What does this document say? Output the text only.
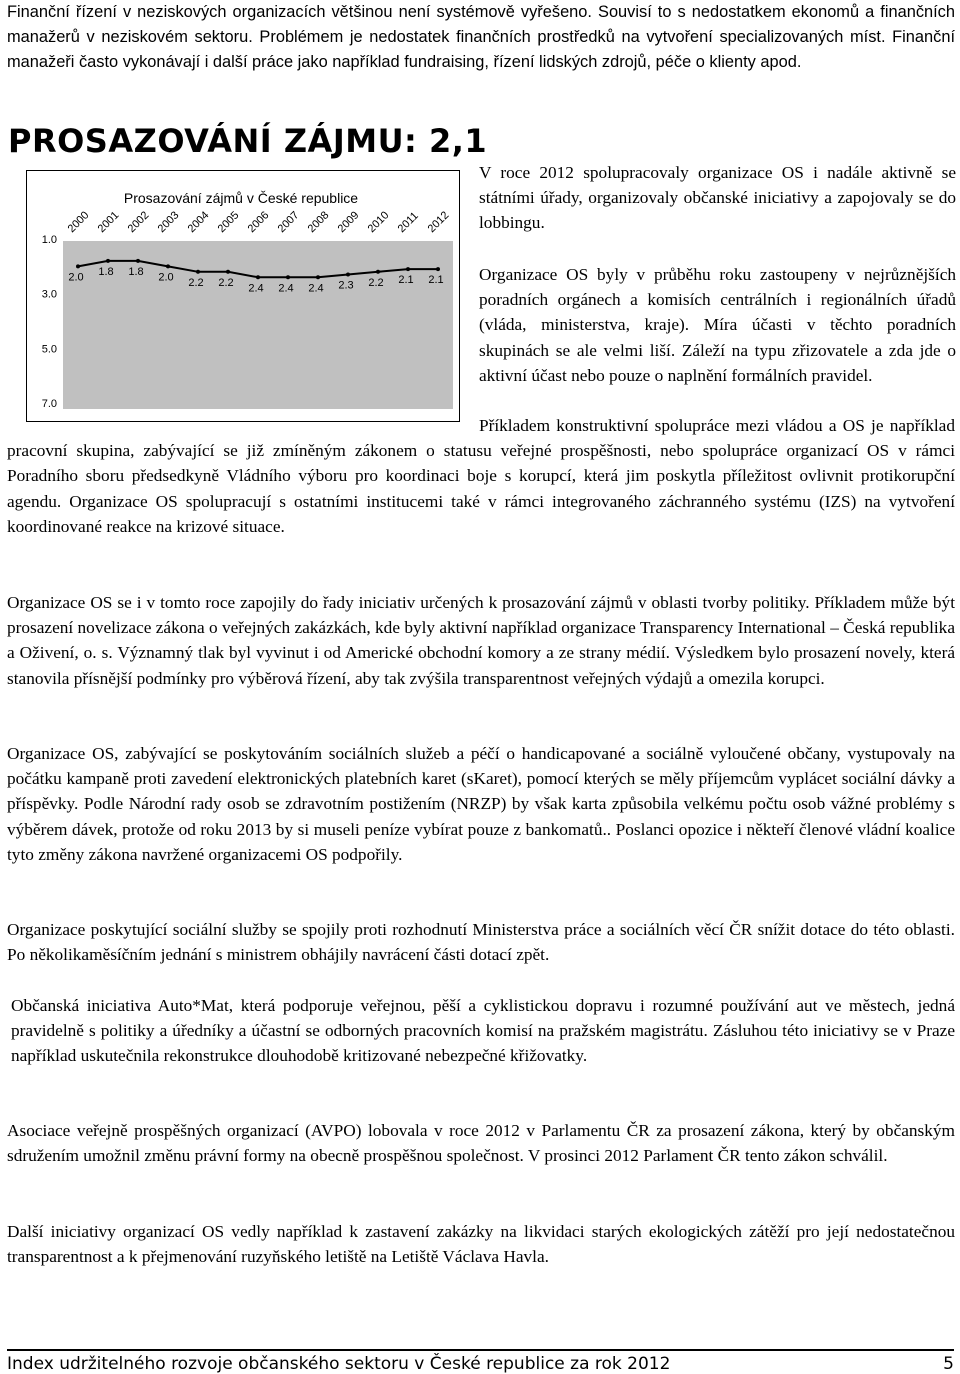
Finanční řízení v neziskových organizacích většinou není systémově vyřešeno. Souvisí to s nedostatkem ekonomů a finančních manažerů v neziskovém sektoru. Problémem je nedostatek finančních prostředků na vytvoření specializovaných míst. Finanční manažeři často vykonávají i další práce jako například fundraising, řízení lidských zdrojů, péče o klienty apod.

PROSAZOVÁNÍ ZÁJMU: 2,1
Prosazování zájmů v České republice
2000 2001 2002 2003 2004 2005 2006 2007 2008 2009 2010 2011 2012
1.0
3.0
5.0
7.0
2.0 1.8 1.8 2.0 2.2 2.2 2.4 2.4 2.4 2.3 2.2 2.1 2.1

V roce 2012 spolupracovaly organizace OS i nadále aktivně se státními úřady, organizovaly občanské iniciativy a zapojovaly se do lobbingu.

Organizace OS byly v průběhu roku zastoupeny v nejrůznějších poradních orgánech a komisích centrálních i regionálních úřadů (vláda, ministerstva, kraje). Míra účasti v těchto poradních skupinách se ale velmi liší. Záleží na typu zřizovatele a zda jde o aktivní účast nebo pouze o naplnění formálních pravidel.

Příkladem konstruktivní spolupráce mezi vládou a OS je například pracovní skupina, zabývající se již zmíněným zákonem o statusu veřejné prospěšnosti, nebo spolupráce organizací OS v rámci Poradního sboru předsedkyně Vládního výboru pro koordinaci boje s korupcí, která jim poskytla příležitost ovlivnit protikorupční agendu. Organizace OS spolupracují s ostatními institucemi také v rámci integrovaného záchranného systému (IZS) na vytvoření koordinované reakce na krizové situace.

Organizace OS se i v tomto roce zapojily do řady iniciativ určených k prosazování zájmů v oblasti tvorby politiky. Příkladem může být prosazení novelizace zákona o veřejných zakázkách, kde byly aktivní například organizace Transparency International – Česká republika a Oživení, o. s. Významný tlak byl vyvinut i od Americké obchodní komory a ze strany médií. Výsledkem bylo prosazení novely, která stanovila přísnější podmínky pro výběrová řízení, aby tak zvýšila transparentnost veřejných výdajů a omezila korupci.

Organizace OS, zabývající se poskytováním sociálních služeb a péčí o handicapované a sociálně vyloučené občany, vystupovaly na počátku kampaně proti zavedení elektronických platebních karet (sKaret), pomocí kterých se měly příjemcům vyplácet sociální dávky a příspěvky. Podle Národní rady osob se zdravotním postižením (NRZP) by však karta způsobila velkému počtu osob vážné problémy s výběrem dávek, protože od roku 2013 by si museli peníze vybírat pouze z bankomatů.. Poslanci opozice i někteří členové vládní koalice tyto změny zákona navržené organizacemi OS podpořily.

Organizace poskytující sociální služby se spojily proti rozhodnutí Ministerstva práce a sociálních věcí ČR snížit dotace do této oblasti. Po několikaměsíčním jednání s ministrem obhájily navrácení části dotací zpět.

Občanská iniciativa Auto*Mat, která podporuje veřejnou, pěší a cyklistickou dopravu i rozumné používání aut ve městech, jedná pravidelně s politiky a úředníky a účastní se odborných pracovních komisí na pražském magistrátu. Zásluhou této iniciativy se v Praze například uskutečnila rekonstrukce dlouhodobě kritizované nebezpečné křižovatky.

Asociace veřejně prospěšných organizací (AVPO) lobovala v roce 2012 v Parlamentu ČR za prosazení zákona, který by občanským sdružením umožnil změnu právní formy na obecně prospěšnou společnost. V prosinci 2012 Parlament ČR tento zákon schválil.

Další iniciativy organizací OS vedly například k zastavení zakázky na likvidaci starých ekologických zátěží pro její nedostatečnou transparentnost a k přejmenování ruzyňského letiště na Letiště Václava Havla.

Index udržitelného rozvoje občanského sektoru v České republice za rok 2012	5
